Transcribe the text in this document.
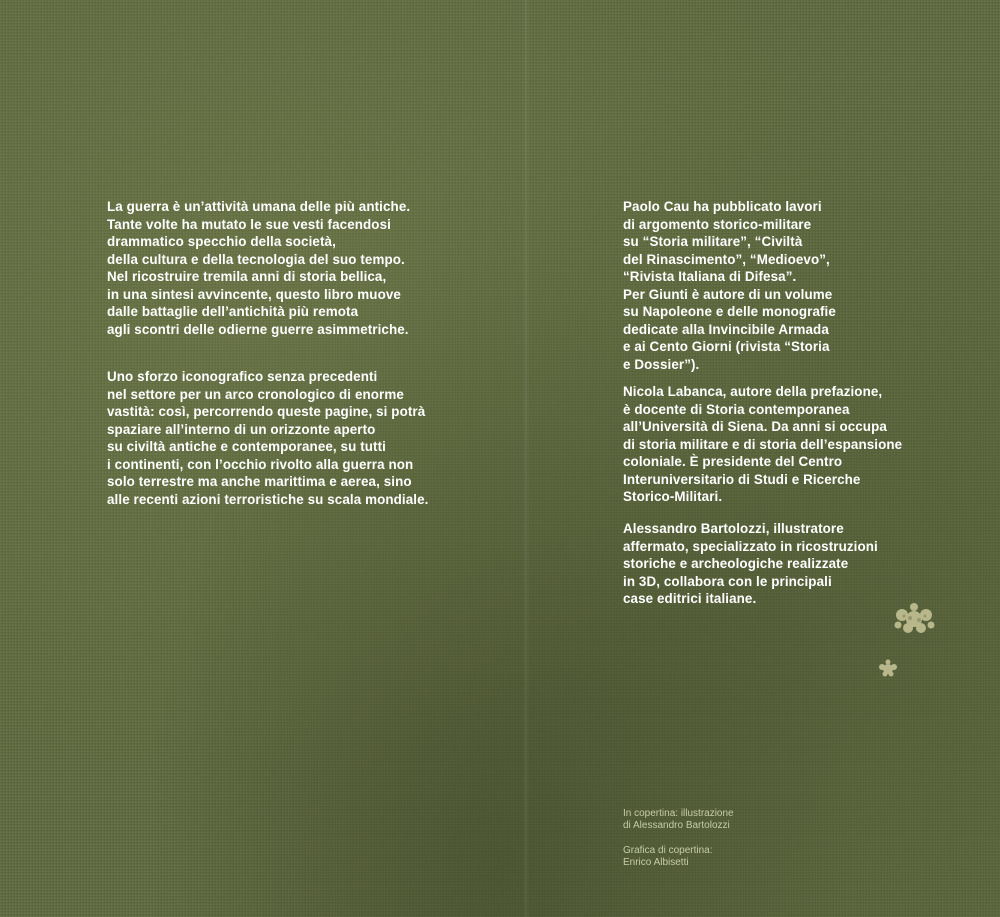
La guerra è un’attività umana delle più antiche.
Tante volte ha mutato le sue vesti facendosi
drammatico specchio della società,
della cultura e della tecnologia del suo tempo.
Nel ricostruire tremila anni di storia bellica,
in una sintesi avvincente, questo libro muove
dalle battaglie dell’antichità più remota
agli scontri delle odierne guerre asimmetriche.

Uno sforzo iconografico senza precedenti
nel settore per un arco cronologico di enorme
vastità: così, percorrendo queste pagine, si potrà
spaziare all’interno di un orizzonte aperto
su civiltà antiche e contemporanee, su tutti
i continenti, con l’occhio rivolto alla guerra non
solo terrestre ma anche marittima e aerea, sino
alle recenti azioni terroristiche su scala mondiale.

Paolo Cau ha pubblicato lavori
di argomento storico-militare
su “Storia militare”, “Civiltà
del Rinascimento”, “Medioevo”,
“Rivista Italiana di Difesa”.
Per Giunti è autore di un volume
su Napoleone e delle monografie
dedicate alla Invincibile Armada
e ai Cento Giorni (rivista “Storia
e Dossier”).

Nicola Labanca, autore della prefazione,
è docente di Storia contemporanea
all’Università di Siena. Da anni si occupa
di storia militare e di storia dell’espansione
coloniale. È presidente del Centro
Interuniversitario di Studi e Ricerche
Storico-Militari.

Alessandro Bartolozzi, illustratore
affermato, specializzato in ricostruzioni
storiche e archeologiche realizzate
in 3D, collabora con le principali
case editrici italiane.

In copertina: illustrazione
di Alessandro Bartolozzi

Grafica di copertina:
Enrico Albisetti
